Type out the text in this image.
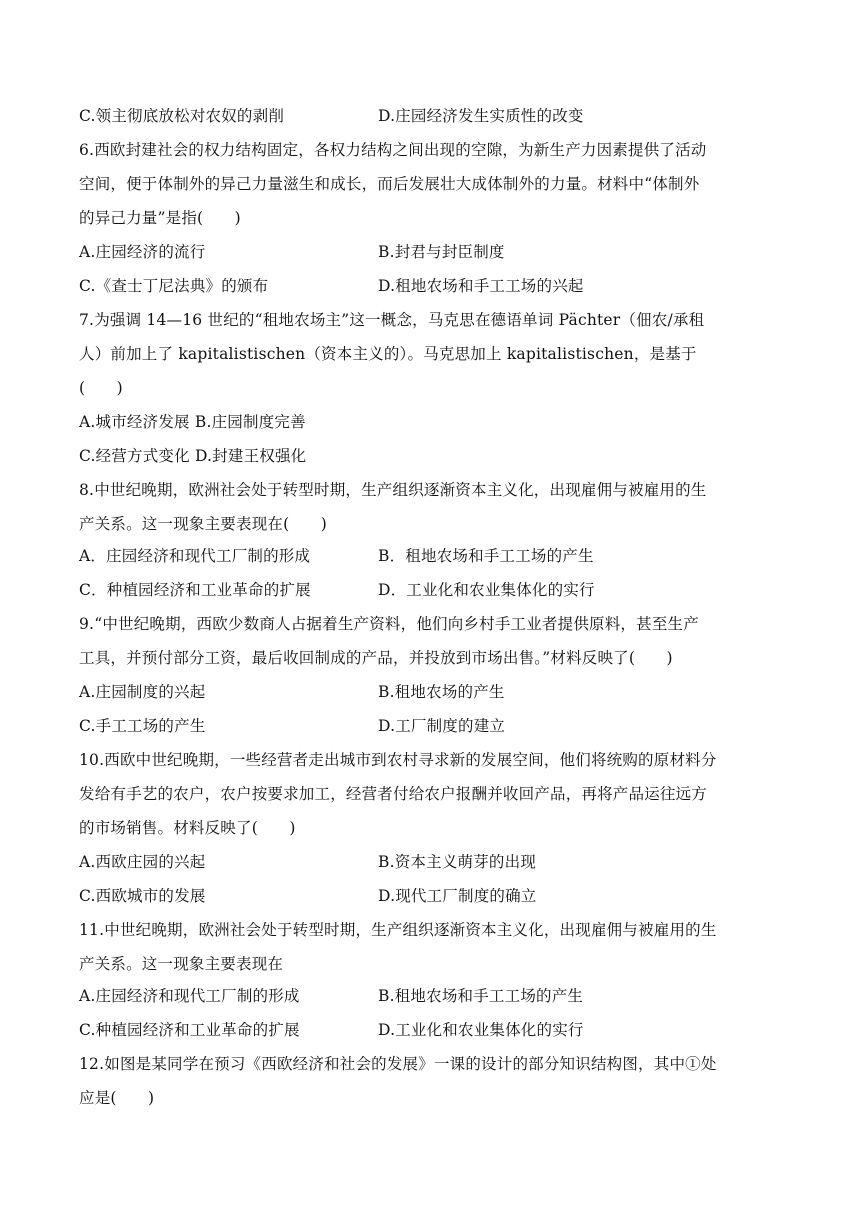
C.领主彻底放松对农奴的剥削	D.庄园经济发生实质性的改变
6.西欧封建社会的权力结构固定，各权力结构之间出现的空隙，为新生产力因素提供了活动
空间，便于体制外的异己力量滋生和成长，而后发展壮大成体制外的力量。材料中“体制外
的异己力量”是指(　　)
A.庄园经济的流行	B.封君与封臣制度
C.《查士丁尼法典》的颁布	D.租地农场和手工工场的兴起
7.为强调 14—16 世纪的“租地农场主”这一概念，马克思在德语单词 Pächter（佃农/承租
人）前加上了 kapitalistischen（资本主义的）。马克思加上 kapitalistischen，是基于
(　　)
A.城市经济发展 B.庄园制度完善
C.经营方式变化 D.封建王权强化
8.中世纪晚期，欧洲社会处于转型时期，生产组织逐渐资本主义化，出现雇佣与被雇用的生
产关系。这一现象主要表现在(　　)
A．庄园经济和现代工厂制的形成	B．租地农场和手工工场的产生
C．种植园经济和工业革命的扩展	D．工业化和农业集体化的实行
9.“中世纪晚期，西欧少数商人占据着生产资料，他们向乡村手工业者提供原料，甚至生产
工具，并预付部分工资，最后收回制成的产品，并投放到市场出售。”材料反映了(　　)
A.庄园制度的兴起	B.租地农场的产生
C.手工工场的产生	D.工厂制度的建立
10.西欧中世纪晚期，一些经营者走出城市到农村寻求新的发展空间，他们将统购的原材料分
发给有手艺的农户，农户按要求加工，经营者付给农户报酬并收回产品，再将产品运往远方
的市场销售。材料反映了(　　)
A.西欧庄园的兴起	B.资本主义萌芽的出现
C.西欧城市的发展	D.现代工厂制度的确立
11.中世纪晚期，欧洲社会处于转型时期，生产组织逐渐资本主义化，出现雇佣与被雇用的生
产关系。这一现象主要表现在
A.庄园经济和现代工厂制的形成	B.租地农场和手工工场的产生
C.种植园经济和工业革命的扩展	D.工业化和农业集体化的实行
12.如图是某同学在预习《西欧经济和社会的发展》一课的设计的部分知识结构图，其中①处
应是(　　)
